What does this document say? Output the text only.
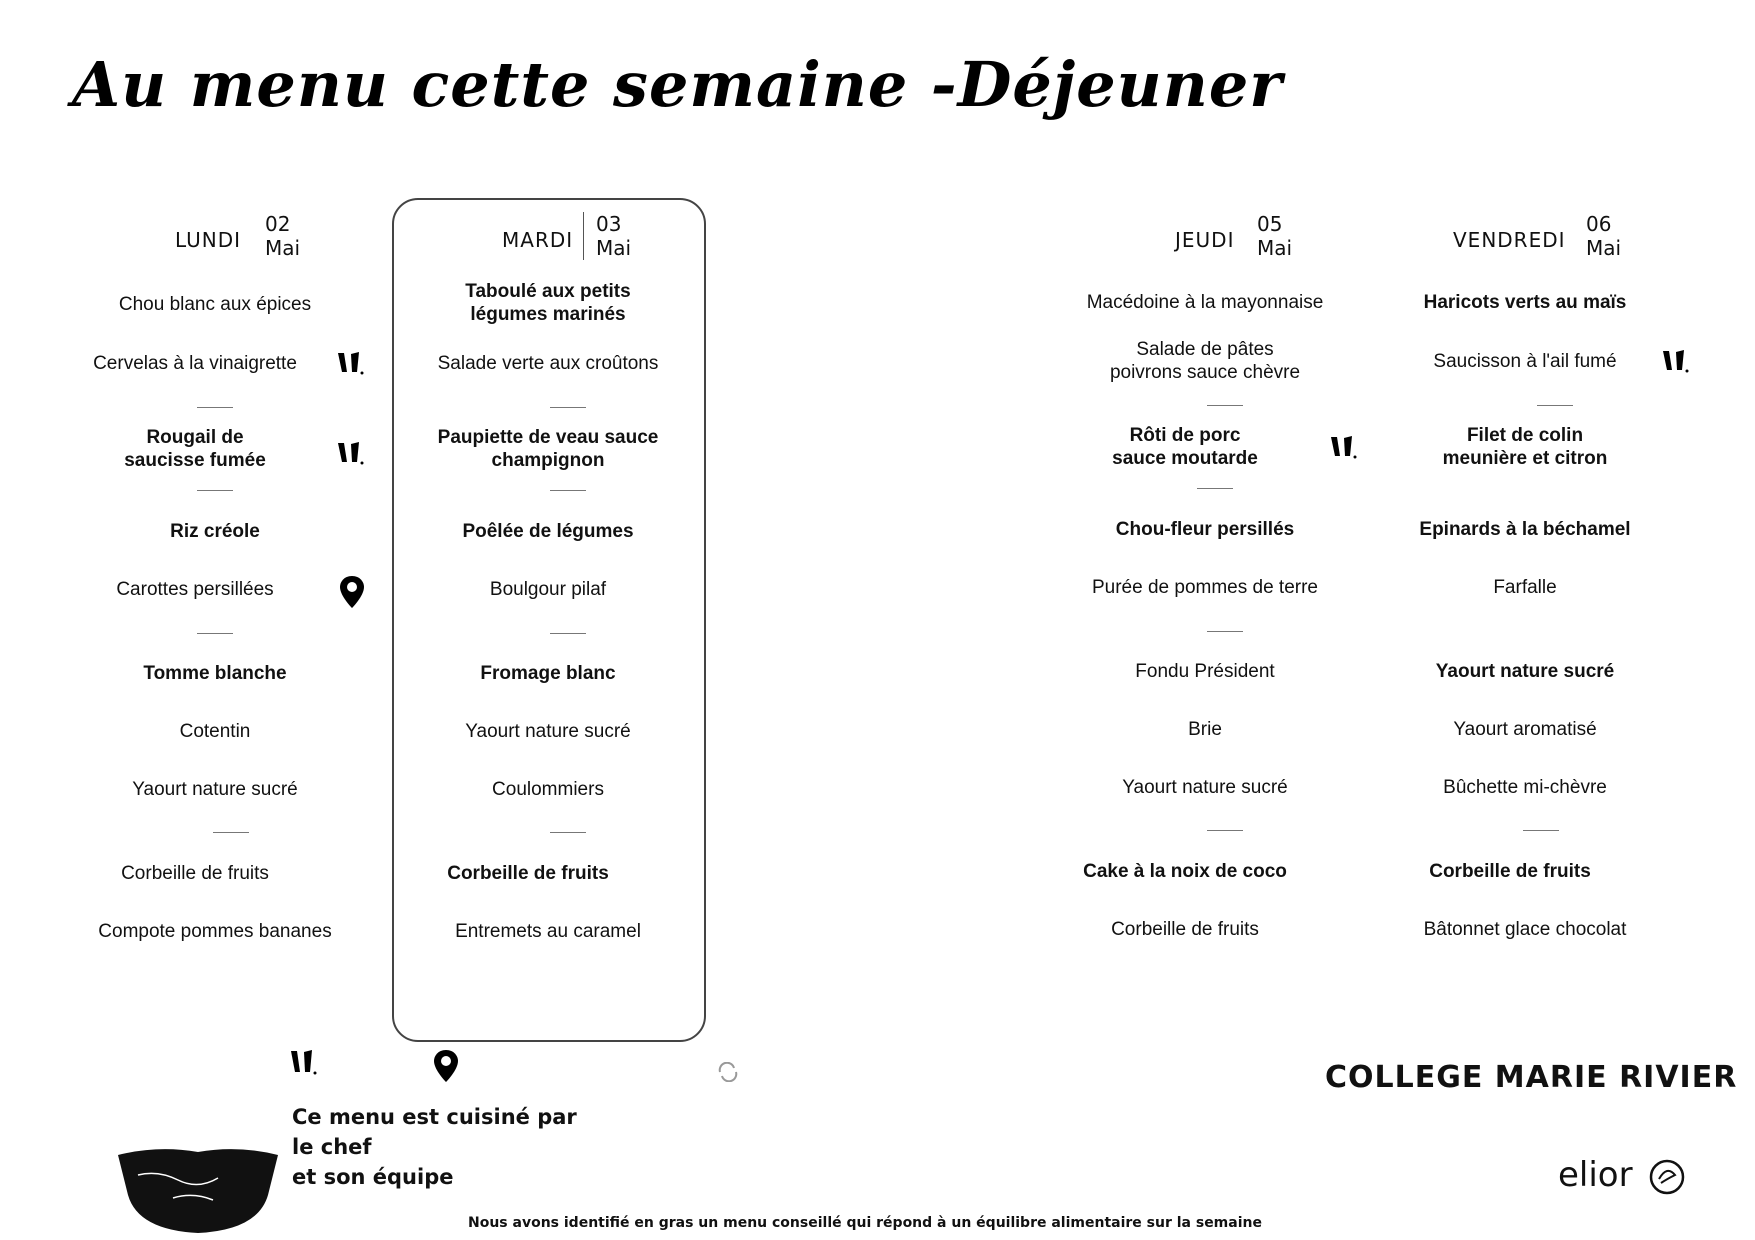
Au menu cette semaine -Déjeuner
LUNDI
02
Mai
Chou blanc aux épices
Cervelas à la vinaigrette
Rougail de
saucisse fumée
Riz créole
Carottes persillées
Tomme blanche
Cotentin
Yaourt nature sucré
Corbeille de fruits
Compote pommes bananes
MARDI
03
Mai
Taboulé aux petits
légumes marinés
Salade verte aux croûtons
Paupiette de veau sauce
champignon
Poêlée de légumes
Boulgour pilaf
Fromage blanc
Yaourt nature sucré
Coulommiers
Corbeille de fruits
Entremets au caramel
JEUDI
05
Mai
Macédoine à la mayonnaise
Salade de pâtes
poivrons sauce chèvre
Rôti de porc
sauce moutarde
Chou-fleur persillés
Purée de pommes de terre
Fondu Président
Brie
Yaourt nature sucré
Cake à la noix de coco
Corbeille de fruits
VENDREDI
06
Mai
Haricots verts au maïs
Saucisson à l'ail fumé
Filet de colin
meunière et citron
Epinards à la béchamel
Farfalle
Yaourt nature sucré
Yaourt aromatisé
Bûchette mi-chèvre
Corbeille de fruits
Bâtonnet glace chocolat
Ce menu est cuisiné par
le chef
et son équipe
COLLEGE MARIE RIVIER
elior
Nous avons identifié en gras un menu conseillé qui répond à un équilibre alimentaire sur la semaine
